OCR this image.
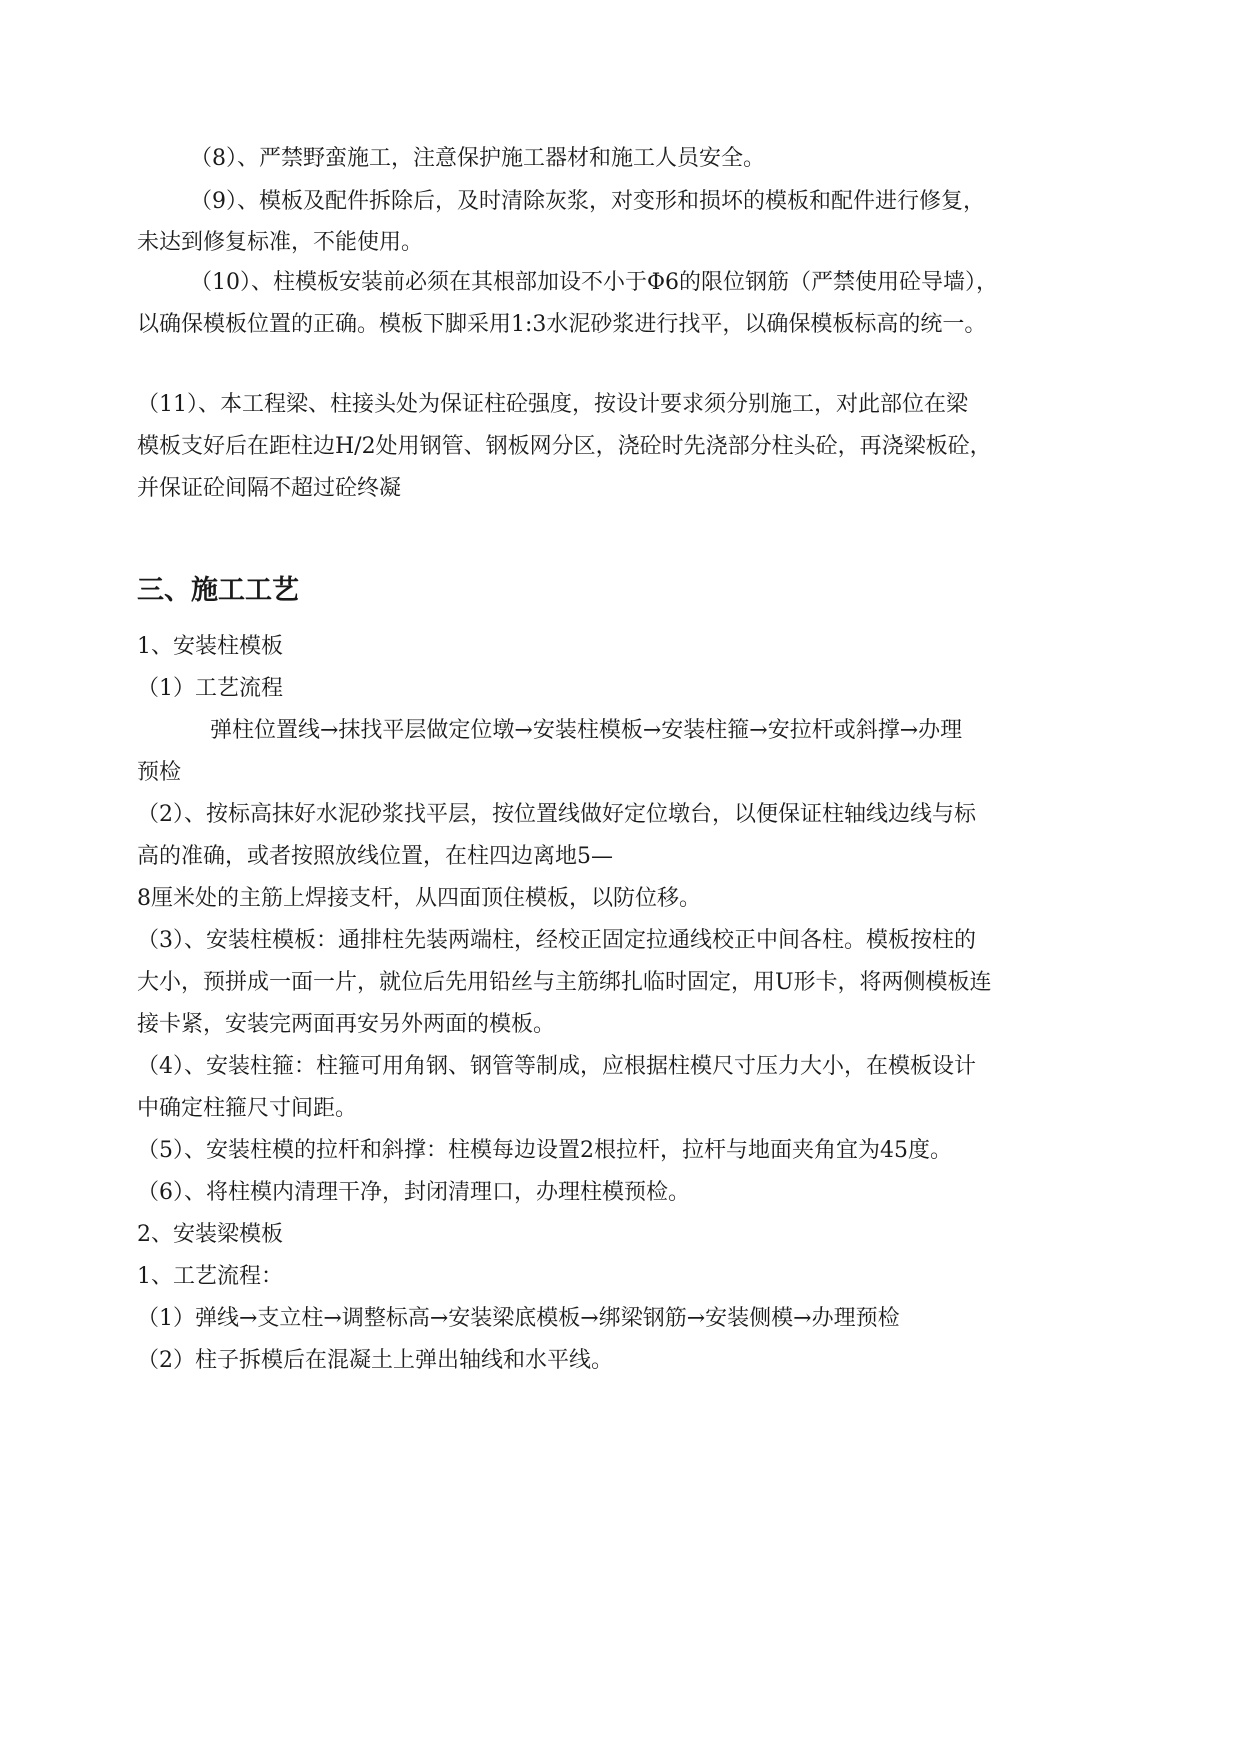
（8）、严禁野蛮施工，注意保护施工器材和施工人员安全。
（9）、模板及配件拆除后，及时清除灰浆，对变形和损坏的模板和配件进行修复，
未达到修复标准，不能使用。
（10）、柱模板安装前必须在其根部加设不小于Φ6的限位钢筋（严禁使用砼导墙），
以确保模板位置的正确。模板下脚采用1:3水泥砂浆进行找平，以确保模板标高的统一。
（11）、本工程梁、柱接头处为保证柱砼强度，按设计要求须分别施工，对此部位在梁
模板支好后在距柱边H/2处用钢管、钢板网分区，浇砼时先浇部分柱头砼，再浇梁板砼，
并保证砼间隔不超过砼终凝
三、施工工艺
1、安装柱模板
（1）工艺流程
弹柱位置线→抹找平层做定位墩→安装柱模板→安装柱箍→安拉杆或斜撑→办理
预检
（2）、按标高抹好水泥砂浆找平层，按位置线做好定位墩台，以便保证柱轴线边线与标
高的准确，或者按照放线位置，在柱四边离地5—
8厘米处的主筋上焊接支杆，从四面顶住模板，以防位移。
（3）、安装柱模板：通排柱先装两端柱，经校正固定拉通线校正中间各柱。模板按柱的
大小，预拼成一面一片，就位后先用铅丝与主筋绑扎临时固定，用U形卡，将两侧模板连
接卡紧，安装完两面再安另外两面的模板。
（4）、安装柱箍：柱箍可用角钢、钢管等制成，应根据柱模尺寸压力大小，在模板设计
中确定柱箍尺寸间距。
（5）、安装柱模的拉杆和斜撑：柱模每边设置2根拉杆，拉杆与地面夹角宜为45度。
（6）、将柱模内清理干净，封闭清理口，办理柱模预检。
2、安装梁模板
1、工艺流程：
（1）弹线→支立柱→调整标高→安装梁底模板→绑梁钢筋→安装侧模→办理预检
（2）柱子拆模后在混凝土上弹出轴线和水平线。
